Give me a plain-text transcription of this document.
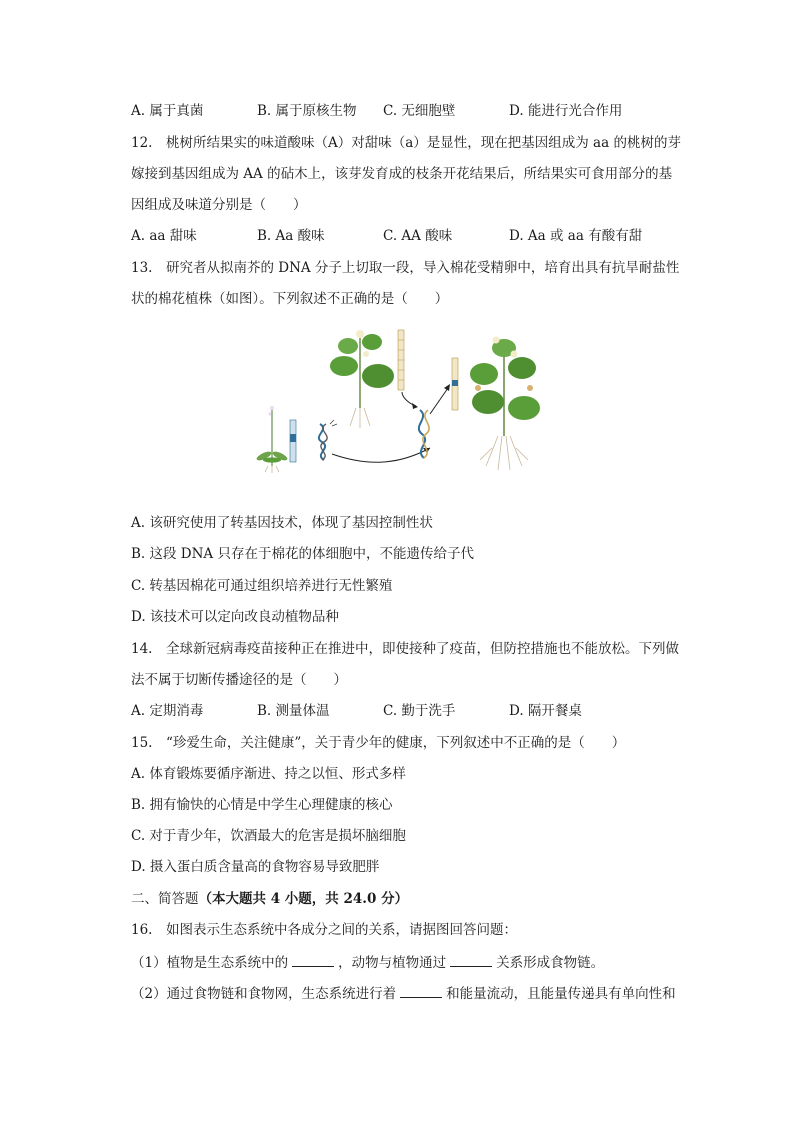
A. 属于真菌	B. 属于原核生物 C. 无细胞壁	D. 能进行光合作用
12.　桃树所结果实的味道酸味（A）对甜味（a）是显性，现在把基因组成为 aa 的桃树的芽
嫁接到基因组成为 AA 的砧木上，该芽发育成的枝条开花结果后，所结果实可食用部分的基
因组成及味道分别是（　　）
A. aa 甜味	B. Aa 酸味	C. AA 酸味	D. Aa 或 aa 有酸有甜
13.　研究者从拟南芥的 DNA 分子上切取一段，导入棉花受精卵中，培育出具有抗旱耐盐性
状的棉花植株（如图）。下列叙述不正确的是（　　）
A. 该研究使用了转基因技术，体现了基因控制性状
B. 这段 DNA 只存在于棉花的体细胞中，不能遗传给子代
C. 转基因棉花可通过组织培养进行无性繁殖
D. 该技术可以定向改良动植物品种
14.　全球新冠病毒疫苗接种正在推进中，即使接种了疫苗，但防控措施也不能放松。下列做
法不属于切断传播途径的是（　　）
A. 定期消毒	B. 测量体温	C. 勤于洗手	D. 隔开餐桌
15.　“珍爱生命，关注健康”，关于青少年的健康，下列叙述中不正确的是（　　）
A. 体育锻炼要循序渐进、持之以恒、形式多样
B. 拥有愉快的心情是中学生心理健康的核心
C. 对于青少年，饮酒最大的危害是损坏脑细胞
D. 摄入蛋白质含量高的食物容易导致肥胖
二、简答题（本大题共 4 小题，共 24.0 分）
16.　如图表示生态系统中各成分之间的关系，请据图回答问题：
（1）植物是生态系统中的	，动物与植物通过	关系形成食物链。
（2）通过食物链和食物网，生态系统进行着	和能量流动，且能量传递具有单向性和
